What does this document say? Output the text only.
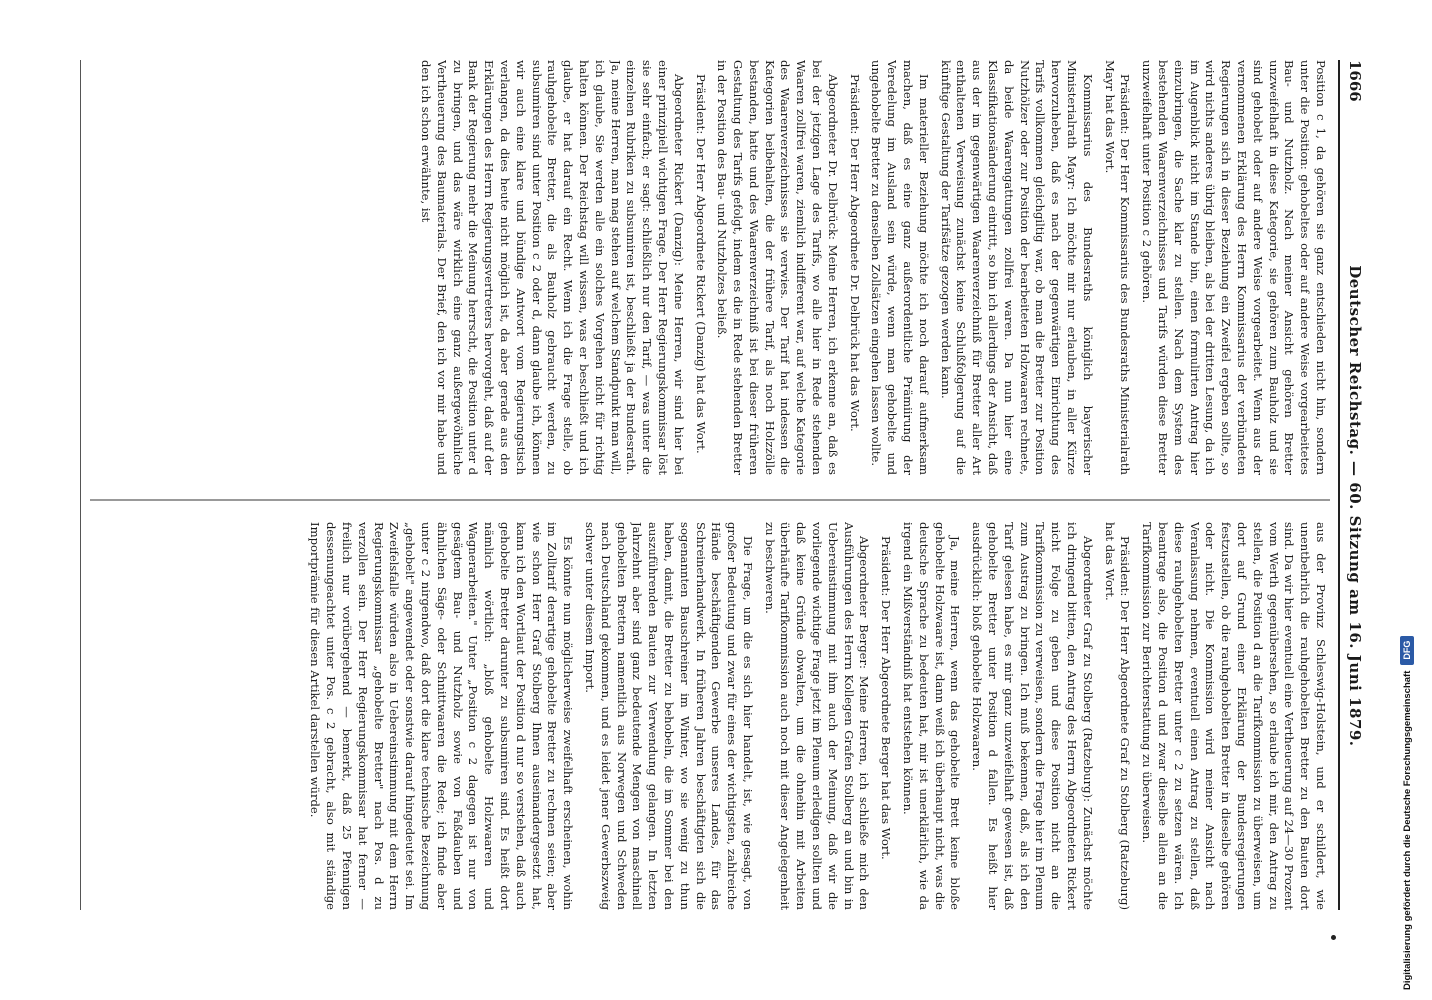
1666
Deutscher Reichstag. — 60. Sitzung am 16. Juni 1879.

Position c 1, da gehören sie ganz entschieden nicht hin, sondern unter die Position: gehobeltes oder auf andere Weise vorgearbeitetes Bau- und Nutzholz. Nach meiner Ansicht gehören Bretter unzweifelhaft in diese Kategorie, sie gehören zum Bauholz und sie sind gehobelt oder auf andere Weise vorgearbeitet. Wenn aus der vernommenen Erklärung des Herrn Kommissarius der verbündeten Regierungen sich in dieser Beziehung ein Zweifel ergeben sollte, so wird nichts anderes übrig bleiben, als bei der dritten Lesung, da ich im Augenblick nicht im Stande bin, einen formulirten Antrag hier einzubringen, die Sache klar zu stellen. Nach dem System des bestehenden Waarenverzeichnisses und Tarifs würden diese Bretter unzweifelhaft unter Position c 2 gehören.

Präsident: Der Herr Kommissarius des Bundesraths Ministerialrath Mayr hat das Wort.

Kommissarius des Bundesraths königlich bayerischer Ministerialrath Mayr: Ich möchte mir nur erlauben, in aller Kürze hervorzuheben, daß es nach der gegenwärtigen Einrichtung des Tarifs vollkommen gleichgiltig war, ob man die Bretter zur Position Nutzhölzer oder zur Position der bearbeiteten Holzwaaren rechnete, da beide Waarengattungen zollfrei waren. Da nun hier eine Klassifikationsänderung eintritt, so bin ich allerdings der Ansicht, daß aus der im gegenwärtigen Waarenverzeichniß für Bretter aller Art enthaltenen Verweisung zunächst keine Schlußfolgerung auf die künftige Gestaltung der Tarifsätze gezogen werden kann.

Im materieller Beziehung möchte ich noch darauf aufmerksam machen, daß es eine ganz außerordentliche Prämiirung der Veredelung im Ausland sein würde, wenn man gehobelte und ungehobelte Bretter zu denselben Zollsätzen eingehen lassen wollte.

Präsident: Der Herr Abgeordnete Dr. Delbrück hat das Wort.

Abgeordneter Dr. Delbrück: Meine Herren, ich erkenne an, daß es bei der jetzigen Lage des Tarifs, wo alle hier in Rede stehenden Waaren zollfrei waren, ziemlich indifferent war, auf welche Kategorie des Waarenverzeichnisses sie verwies. Der Tarif hat indessen die Kategorien beibehalten, die der frühere Tarif, als noch Holzzölle bestanden, hatte und des Waarenverzeichniß ist bei dieser früheren Gestaltung des Tarifs gefolgt, indem es die in Rede stehenden Bretter in der Position des Bau- und Nutzholzes beließ.

Präsident: Der Herr Abgeordnete Rickert (Danzig) hat das Wort.

Abgeordneter Rickert (Danzig): Meine Herren, wir sind hier bei einer prinzipiell wichtigen Frage. Der Herr Regierungskommissar löst sie sehr einfach; er sagt: schließlich nur den Tarif, — was unter die einzelnen Rubriken zu subsumiren ist, beschließt ja der Bundesrath. Ja, meine Herren, man mag stehen auf welchem Standpunkt man will, ich glaube, Sie werden alle ein solches Vorgehen nicht für richtig halten können. Der Reichstag will wissen, was er beschließt und ich glaube, er hat darauf ein Recht. Wenn ich die Frage stelle, ob rauhgehobelte Bretter, die als Bauholz gebraucht werden, zu subsumiren sind unter Position c 2 oder d, dann glaube ich, können wir auch eine klare und bündige Antwort vom Regierungstisch verlangen, da dies heute nicht möglich ist, da aber gerade aus den Erklärungen des Herrn Regierungsvertreters hervorgeht, daß auf der Bank der Regierung mehr die Meinung herrscht, die Position unter d zu bringen, und das wäre wirklich eine ganz außergewöhnliche Vertheuerung des Baumaterials. Der Brief, den ich vor mir habe und den ich schon erwähnte, ist

aus der Provinz Schleswig-Holstein, und er schildert, wie unentbehrlich die rauhgehobelten Bretter zu den Bauten dort sind. Da wir hier eventuell eine Vertheuerung auf 24—30 Prozent vom Werth gegenübersehen, so erlaube ich mir, den Antrag zu stellen, die Position d an die Tarifkommission zu überweisen, um dort auf Grund einer Erklärung der Bundesregierungen festzustellen, ob die rauhgehobelten Bretter in dieselbe gehören oder nicht. Die Kommission wird meiner Ansicht nach Veranlassung nehmen, eventuell einen Antrag zu stellen, daß diese rauhgehobelten Bretter unter c 2 zu setzen wären. Ich beantrage also, die Position d und zwar dieselbe allein an die Tarifkommission zur Berichterstattung zu überweisen.

Präsident: Der Herr Abgeordnete Graf zu Stolberg (Ratzeburg) hat das Wort.

Abgeordneter Graf zu Stolberg (Ratzeburg): Zunächst möchte ich dringend bitten, den Antrag des Herrn Abgeordneten Rickert nicht Folge zu geben und diese Position nicht an die Tarifkommission zu verweisen, sondern die Frage hier im Plenum zum Austrag zu bringen. Ich muß bekennen, daß, als ich den Tarif gelesen habe, es mir ganz unzweifelhaft gewesen ist, daß gehobelte Bretter unter Position d fallen. Es heißt hier ausdrücklich: bloß gehobelte Holzwaaren.

Ja, meine Herren, wenn das gehobelte Brett keine bloße gehobelte Holzwaare ist, dann weiß ich überhaupt nicht, was die deutsche Sprache zu bedeuten hat, mir ist unerklärlich, wie da irgend ein Mißverständniß hat entstehen können.

Präsident: Der Herr Abgeordnete Berger hat das Wort.

Abgeordneter Berger: Meine Herren, ich schließe mich den Ausführungen des Herrn Kollegen Grafen Stolberg an und bin in Uebereinstimmung mit ihm auch der Meinung, daß wir die vorliegende wichtige Frage jetzt im Plenum erledigen sollten und daß keine Gründe obwalten, um die ohnehin mit Arbeiten überhäufte Tarifkommission auch noch mit dieser Angelegenheit zu beschweren.

Die Frage, um die es sich hier handelt, ist, wie gesagt, von großer Bedeutung und zwar für eines der wichtigsten, zahlreiche Hände beschäftigenden Gewerbe unseres Landes, für das Schreinerhandwerk. In früheren Jahren beschäftigten sich die sogenannten Bauschreiner im Winter, wo sie wenig zu thun haben, damit, die Bretter zu behobeln, die im Sommer bei den auszuführenden Bauten zur Verwendung gelangen. In letzten Jahrzehnt aber sind ganz bedeutende Mengen von maschinell gehobelten Brettern namentlich aus Norwegen und Schweden nach Deutschland gekommen, und es leidet jener Gewerbszweig schwer unter diesem Import.

Es könnte nun möglicherweise zweifelhaft erscheinen, wohin im Zolltarif derartige gehobelte Bretter zu rechnen seien; aber wie schon Herr Graf Stolberg Ihnen auseinandergesetzt hat, kann ich den Wortlaut der Position d nur so verstehen, daß auch gehobelte Bretter darunter zu subsumiren sind. Es heißt dort nämlich wörtlich: „bloß gehobelte Holzwaaren und Wagnerarbeiten." Unter „Position c 2 dagegen ist nur von gesägtem Bau- und Nutzholz sowie von Faßdauben und ähnlichen Säge- oder Schnittwaaren die Rede; ich finde aber unter c 2 nirgendwo, daß dort die klare technische Bezeichnung „gehobelt" angewendet oder sonstwie darauf hingedeutet sei. Im Zweifelsfalle würden also in Uebereinstimmung mit dem Herrn Regierungskommissar „gehobelte Bretter" nach Pos. d zu verzollen sein. Der Herr Regierungskommissar hat ferner — freilich nur vorübergehend — bemerkt, daß 25 Pfennigen dessenungeachtet unter Pos. c 2 gebracht, also mit ständige Importprämie für diesen Artikel darstellen würde.

Digitalisierung gefördert durch die Deutsche Forschungsgemeinschaft
DFG
